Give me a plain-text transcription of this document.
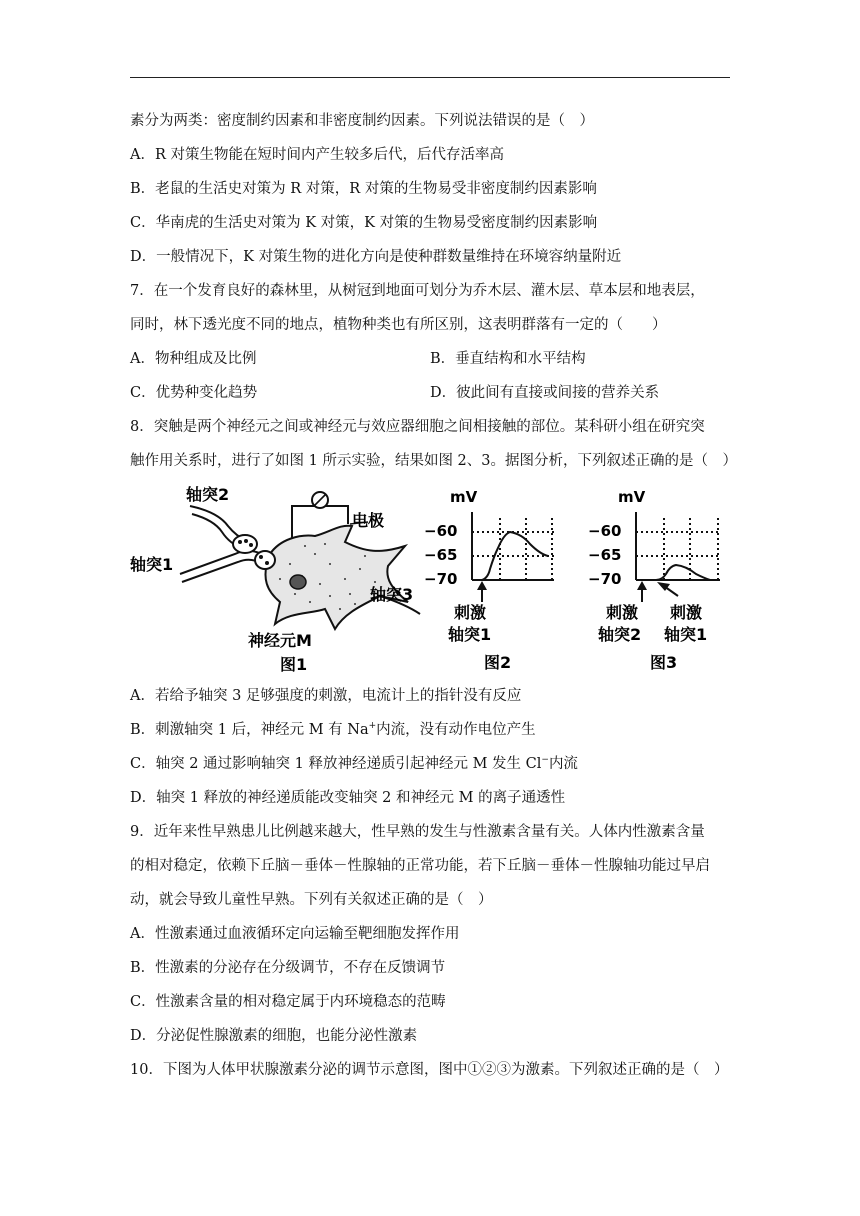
素分为两类：密度制约因素和非密度制约因素。下列说法错误的是（　）
A．R 对策生物能在短时间内产生较多后代，后代存活率高
B．老鼠的生活史对策为 R 对策，R 对策的生物易受非密度制约因素影响
C．华南虎的生活史对策为 K 对策，K 对策的生物易受密度制约因素影响
D．一般情况下，K 对策生物的进化方向是使种群数量维持在环境容纳量附近
7．在一个发育良好的森林里，从树冠到地面可划分为乔木层、灌木层、草本层和地表层，
同时，林下透光度不同的地点，植物种类也有所区别，这表明群落有一定的（　　）
A．物种组成及比例	B．垂直结构和水平结构
C．优势种变化趋势	D．彼此间有直接或间接的营养关系
8．突触是两个神经元之间或神经元与效应器细胞之间相接触的部位。某科研小组在研究突
触作用关系时，进行了如图 1 所示实验，结果如图 2、3。据图分析，下列叙述正确的是（　）
轴突2
电极
轴突1
轴突3
神经元M
图1
mV
−60
−65
−70
刺激
轴突1
图2
mV
−60
−65
−70
刺激
轴突2
刺激
轴突1
图3
A．若给予轴突 3 足够强度的刺激，电流计上的指针没有反应
B．刺激轴突 1 后，神经元 M 有 Na+内流，没有动作电位产生
C．轴突 2 通过影响轴突 1 释放神经递质引起神经元 M 发生 Cl−内流
D．轴突 1 释放的神经递质能改变轴突 2 和神经元 M 的离子通透性
9．近年来性早熟患儿比例越来越大，性早熟的发生与性激素含量有关。人体内性激素含量
的相对稳定，依赖下丘脑－垂体－性腺轴的正常功能，若下丘脑－垂体－性腺轴功能过早启
动，就会导致儿童性早熟。下列有关叙述正确的是（　）
A．性激素通过血液循环定向运输至靶细胞发挥作用
B．性激素的分泌存在分级调节，不存在反馈调节
C．性激素含量的相对稳定属于内环境稳态的范畴
D．分泌促性腺激素的细胞，也能分泌性激素
10．下图为人体甲状腺激素分泌的调节示意图，图中①②③为激素。下列叙述正确的是（　）
